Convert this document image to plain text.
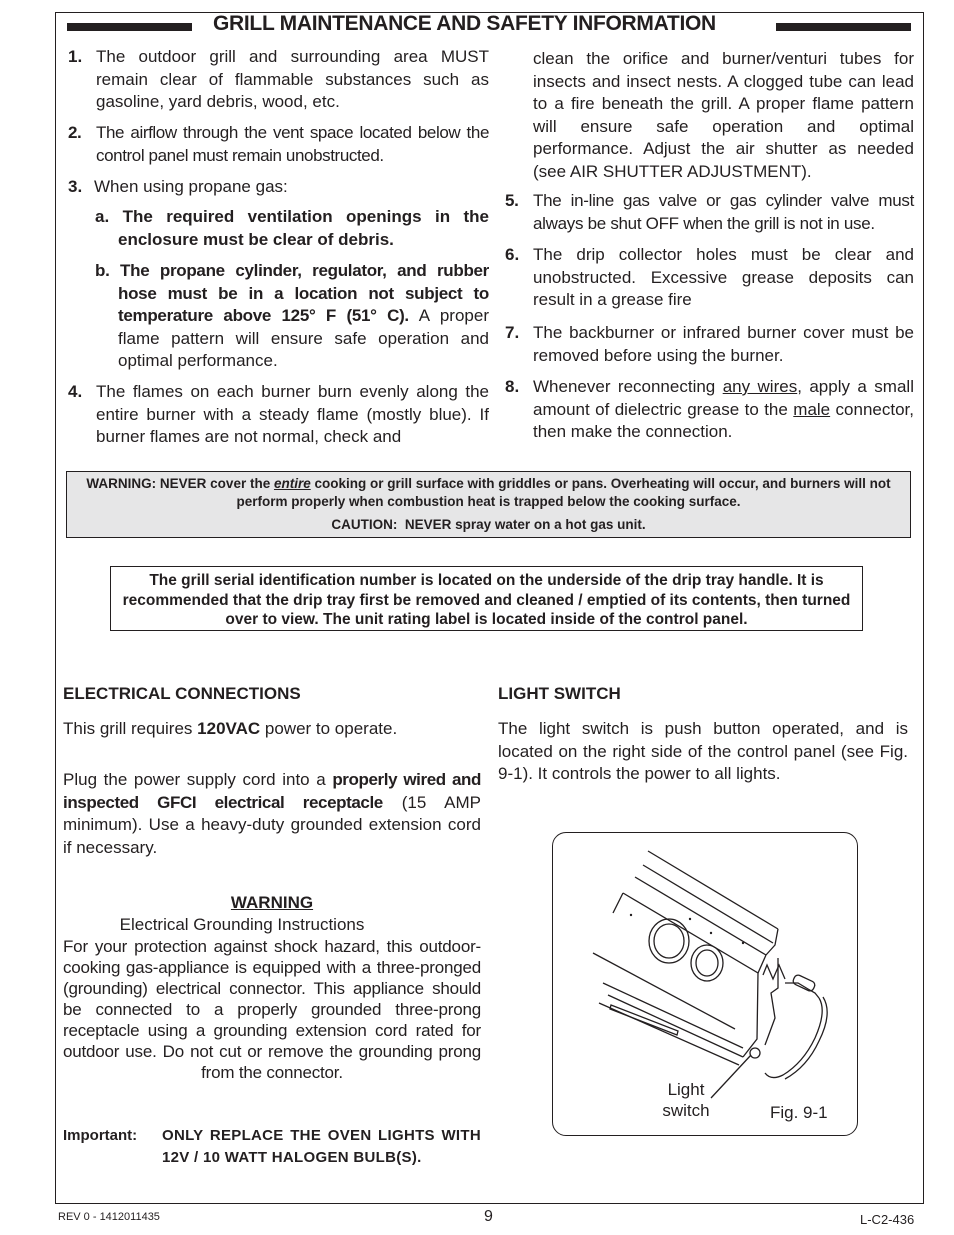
GRILL MAINTENANCE AND SAFETY INFORMATION
1. The outdoor grill and surrounding area MUST remain clear of flammable substances such as gasoline, yard debris, wood, etc.
2. The airflow through the vent space located below the control panel must remain unobstructed.
3. When using propane gas:
a. The required ventilation openings in the enclosure must be clear of debris.
b. The propane cylinder, regulator, and rubber hose must be in a location not subject to temperature above 125° F (51° C). A proper flame pattern will ensure safe operation and optimal performance.
4. The flames on each burner burn evenly along the entire burner with a steady flame (mostly blue). If burner flames are not normal, check and
clean the orifice and burner/venturi tubes for insects and insect nests. A clogged tube can lead to a fire beneath the grill. A proper flame pattern will ensure safe operation and optimal performance. Adjust the air shutter as needed (see AIR SHUTTER ADJUSTMENT).
5. The in-line gas valve or gas cylinder valve must always be shut OFF when the grill is not in use.
6. The drip collector holes must be clear and unobstructed. Excessive grease deposits can result in a grease fire
7. The backburner or infrared burner cover must be removed before using the burner.
8. Whenever reconnecting any wires, apply a small amount of dielectric grease to the male connector, then make the connection.
WARNING: NEVER cover the entire cooking or grill surface with griddles or pans. Overheating will occur, and burners will not perform properly when combustion heat is trapped below the cooking surface.
CAUTION:  NEVER spray water on a hot gas unit.
The grill serial identification number is located on the underside of the drip tray handle. It is recommended that the drip tray first be removed and cleaned / emptied of its contents, then turned over to view. The unit rating label is located inside of the control panel.
ELECTRICAL CONNECTIONS
This grill requires 120VAC power to operate.
Plug the power supply cord into a properly wired and inspected GFCI electrical receptacle (15 AMP minimum). Use a heavy-duty grounded extension cord if necessary.
WARNING
Electrical Grounding Instructions
For your protection against shock hazard, this outdoor-cooking gas-appliance is equipped with a three-pronged (grounding) electrical connector. This appliance should be connected to a properly grounded three-prong receptacle using a grounding extension cord rated for outdoor use. Do not cut or remove the grounding prong from the connector.
Important: ONLY REPLACE THE OVEN LIGHTS WITH 12V / 10 WATT HALOGEN BULB(S).
LIGHT SWITCH
The light switch is push button operated, and is located on the right side of the control panel (see Fig. 9-1). It controls the power to all lights.
Light
switch	Fig. 9-1
REV 0 - 1412011435	9	L-C2-436
